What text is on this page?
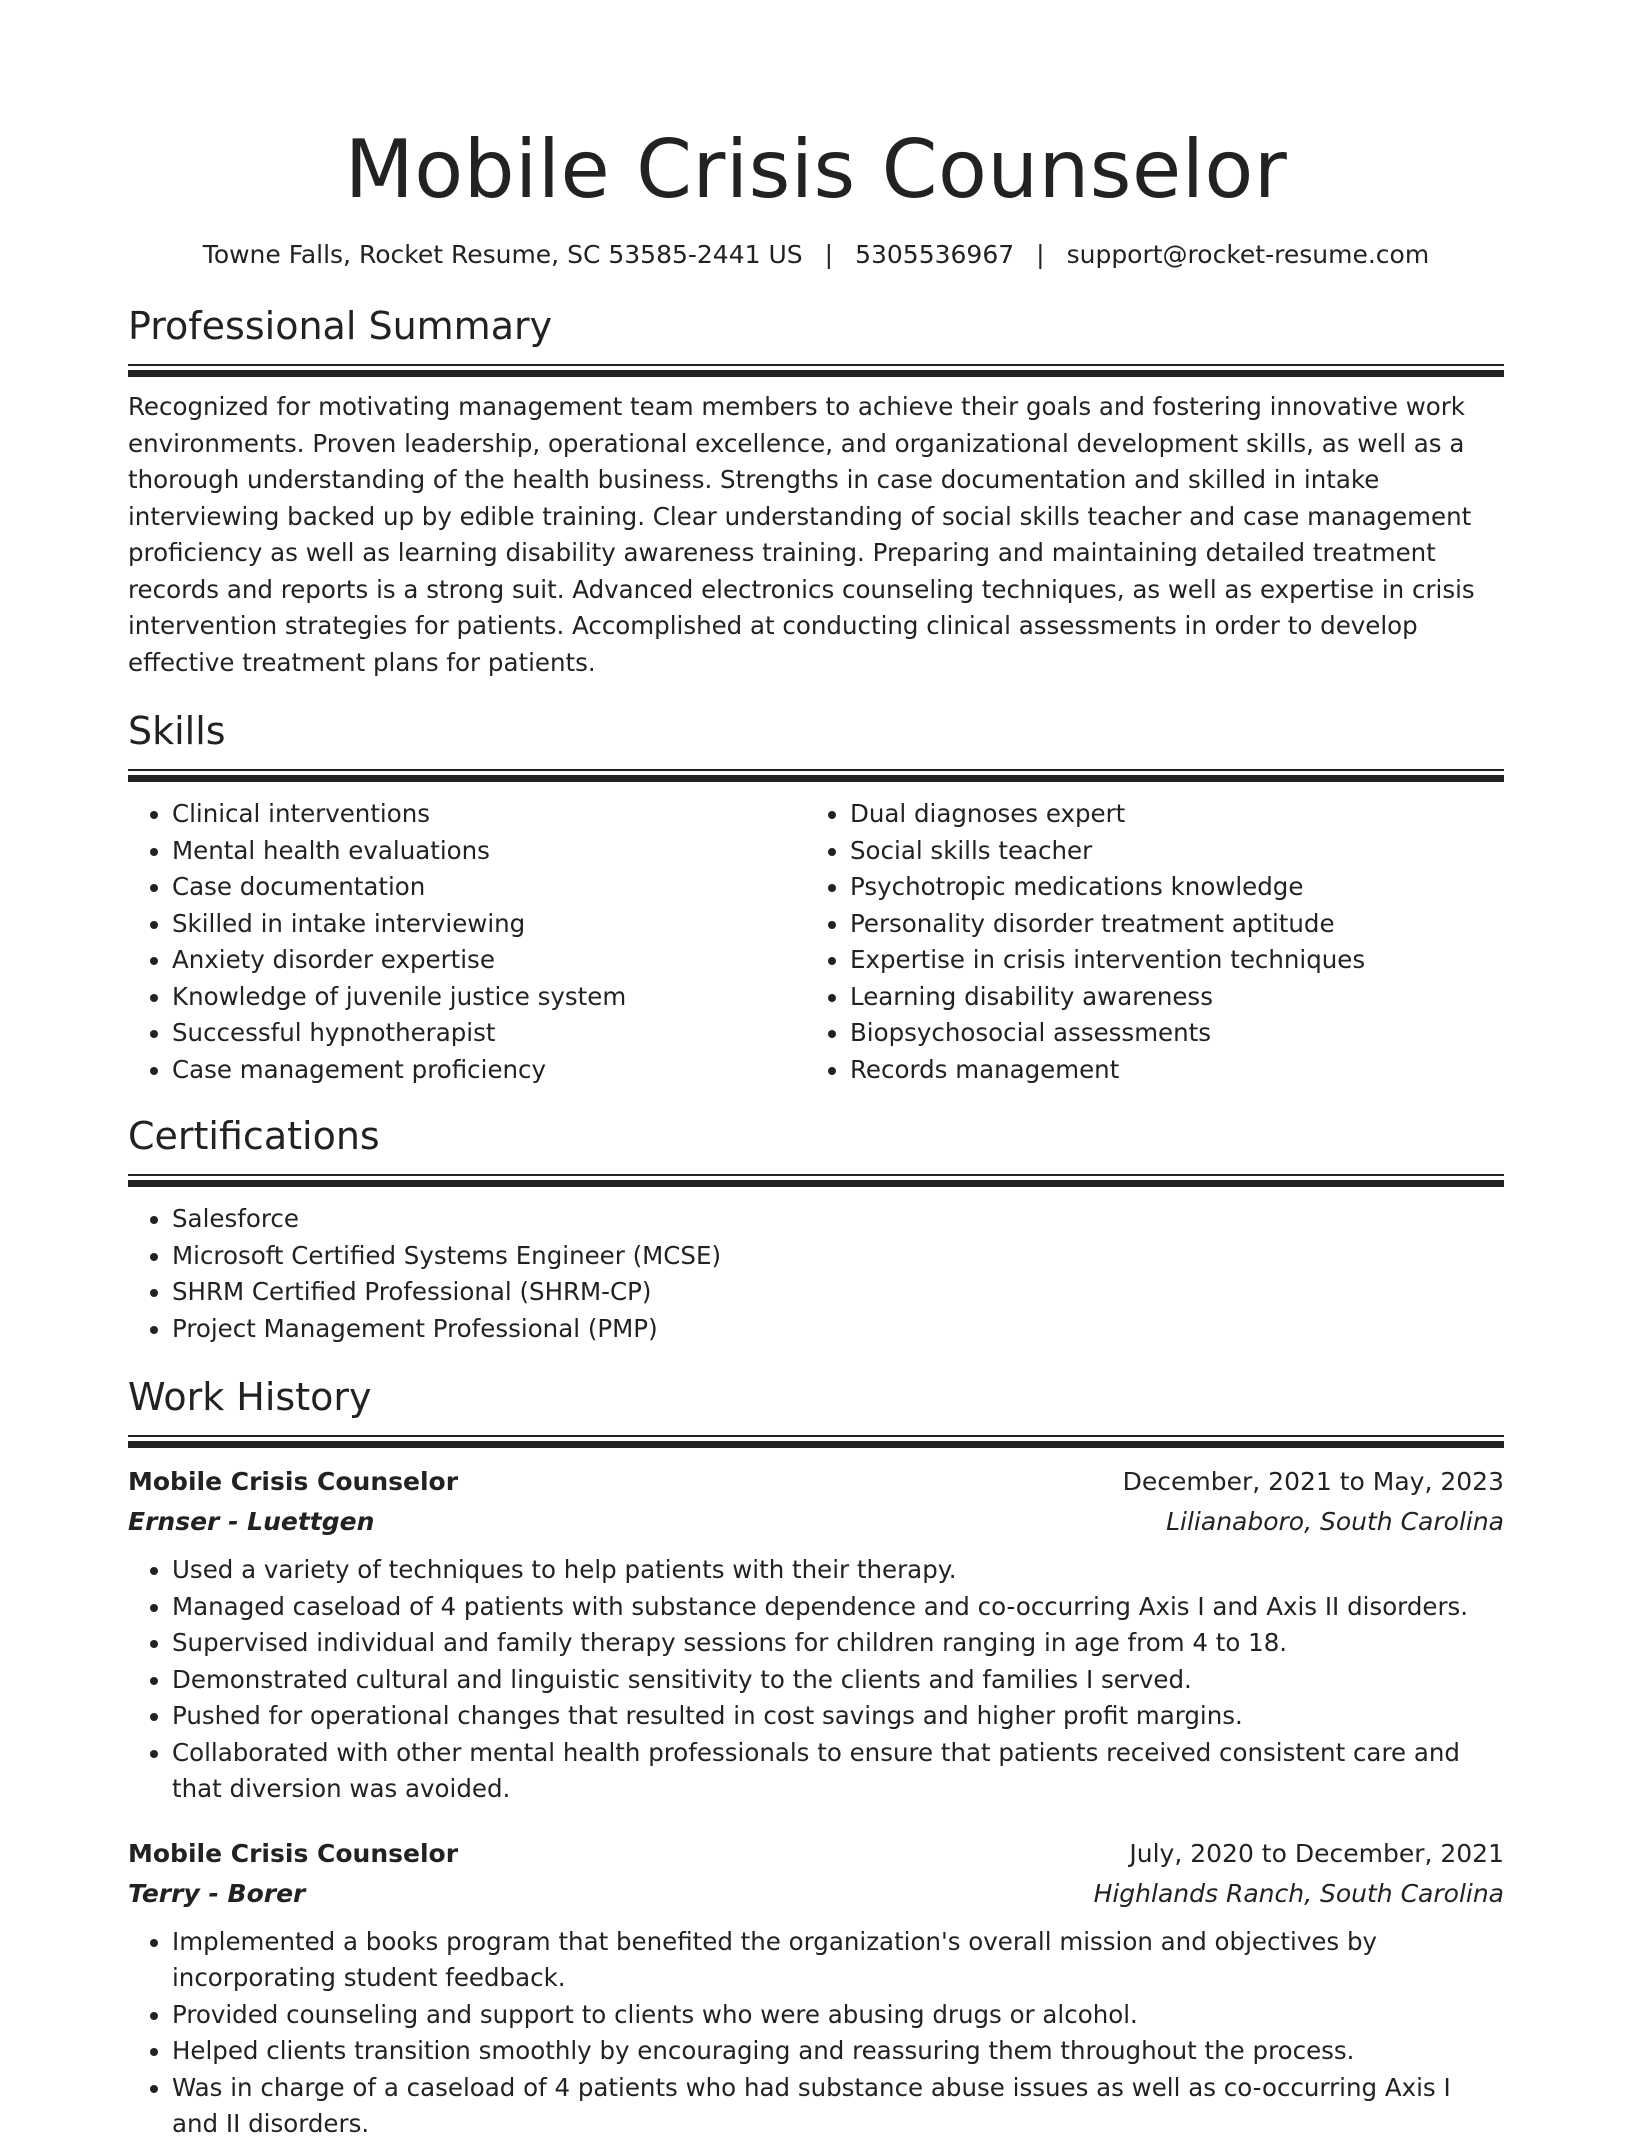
Mobile Crisis Counselor
Towne Falls, Rocket Resume, SC 53585-2441 US | 5305536967 | support@rocket-resume.com
Professional Summary

Recognized for motivating management team members to achieve their goals and fostering innovative work environments. Proven leadership, operational excellence, and organizational development skills, as well as a thorough understanding of the health business. Strengths in case documentation and skilled in intake interviewing backed up by edible training. Clear understanding of social skills teacher and case management proficiency as well as learning disability awareness training. Preparing and maintaining detailed treatment records and reports is a strong suit. Advanced electronics counseling techniques, as well as expertise in crisis intervention strategies for patients. Accomplished at conducting clinical assessments in order to develop effective treatment plans for patients.

Skills
• Clinical interventions
• Mental health evaluations
• Case documentation
• Skilled in intake interviewing
• Anxiety disorder expertise
• Knowledge of juvenile justice system
• Successful hypnotherapist
• Case management proficiency
• Dual diagnoses expert
• Social skills teacher
• Psychotropic medications knowledge
• Personality disorder treatment aptitude
• Expertise in crisis intervention techniques
• Learning disability awareness
• Biopsychosocial assessments
• Records management
Certifications
• Salesforce
• Microsoft Certified Systems Engineer (MCSE)
• SHRM Certified Professional (SHRM-CP)
• Project Management Professional (PMP)
Work History
Mobile Crisis Counselor	December, 2021 to May, 2023
Ernser - Luettgen	Lilianaboro, South Carolina
• Used a variety of techniques to help patients with their therapy.
• Managed caseload of 4 patients with substance dependence and co-occurring Axis I and Axis II disorders.
• Supervised individual and family therapy sessions for children ranging in age from 4 to 18.
• Demonstrated cultural and linguistic sensitivity to the clients and families I served.
• Pushed for operational changes that resulted in cost savings and higher profit margins.
• Collaborated with other mental health professionals to ensure that patients received consistent care and that diversion was avoided.
Mobile Crisis Counselor	July, 2020 to December, 2021
Terry - Borer	Highlands Ranch, South Carolina
• Implemented a books program that benefited the organization's overall mission and objectives by incorporating student feedback.
• Provided counseling and support to clients who were abusing drugs or alcohol.
• Helped clients transition smoothly by encouraging and reassuring them throughout the process.
• Was in charge of a caseload of 4 patients who had substance abuse issues as well as co-occurring Axis I and II disorders.
